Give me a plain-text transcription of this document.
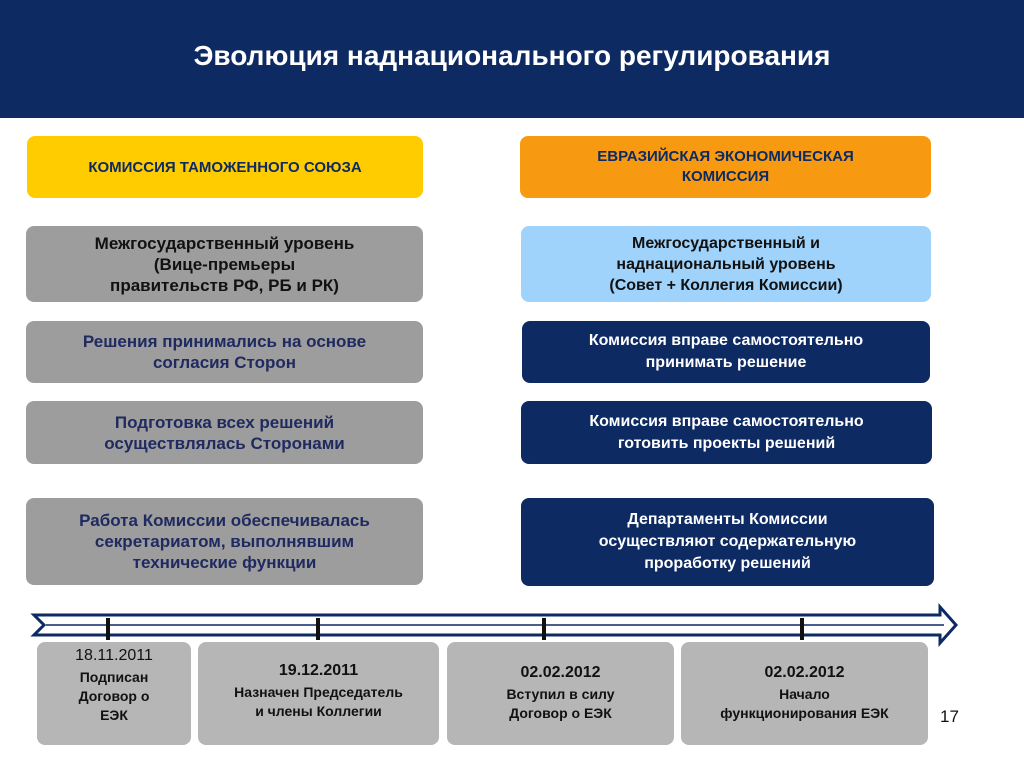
Эволюция наднационального регулирования
КОМИССИЯ ТАМОЖЕННОГО СОЮЗА
ЕВРАЗИЙСКАЯ ЭКОНОМИЧЕСКАЯ
КОМИССИЯ
Межгосударственный уровень
(Вице-премьеры
правительств РФ, РБ и РК)
Решения принимались на основе
согласия Сторон
Подготовка всех решений
осуществлялась Сторонами
Работа Комиссии обеспечивалась
секретариатом, выполнявшим
технические функции
Межгосударственный и
наднациональный уровень
(Совет + Коллегия Комиссии)
Комиссия вправе самостоятельно
принимать решение
Комиссия вправе самостоятельно
готовить проекты решений
Департаменты Комиссии
осуществляют содержательную
проработку решений
18.11.2011
Подписан
Договор о
ЕЭК
19.12.2011
Назначен Председатель
и члены Коллегии
02.02.2012
Вступил в силу
Договор о ЕЭК
02.02.2012
Начало
функционирования ЕЭК	17
